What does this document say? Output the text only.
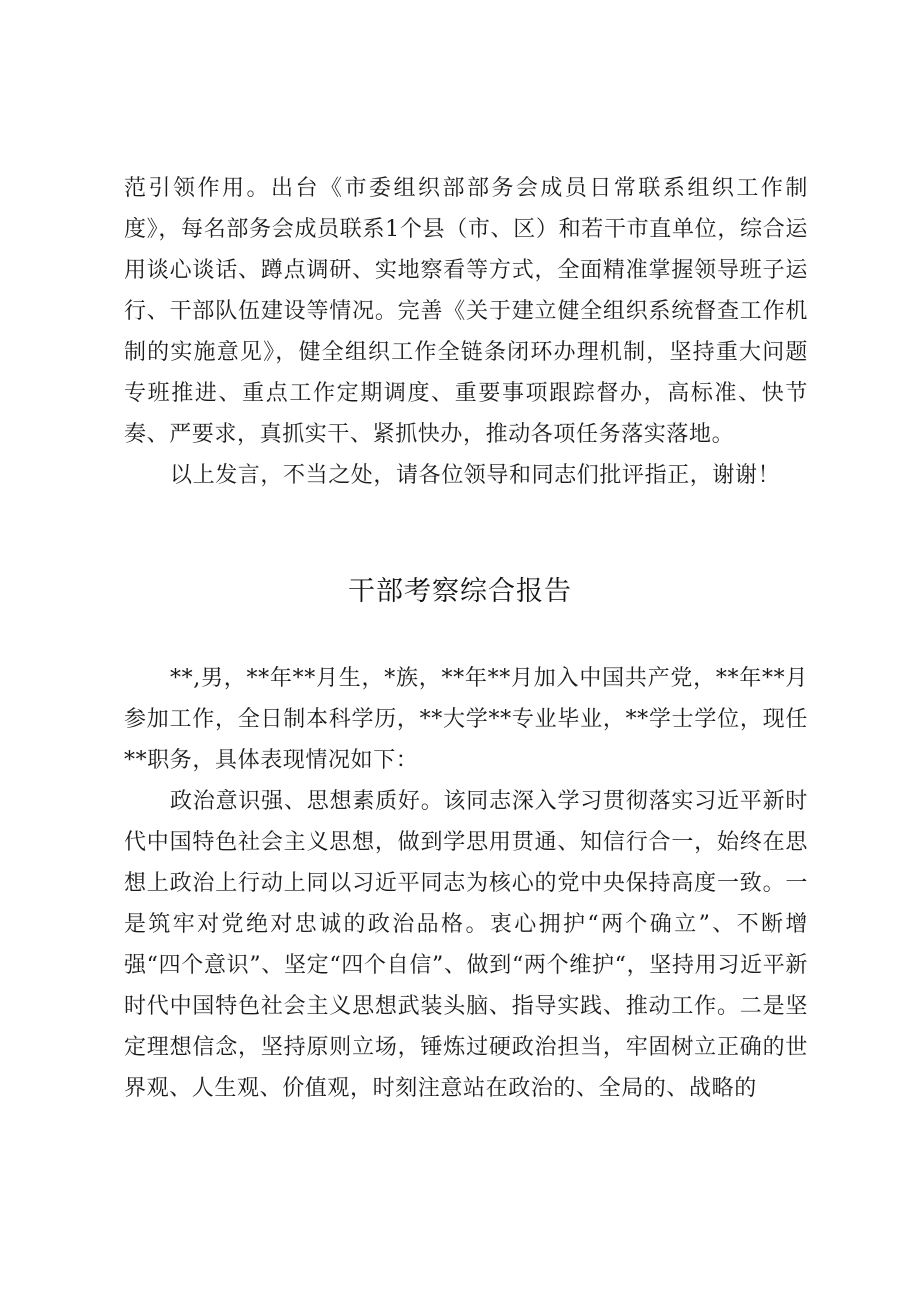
范引领作用。出台《市委组织部部务会成员日常联系组织工作制度》，每名部务会成员联系1个县（市、区）和若干市直单位，综合运用谈心谈话、蹲点调研、实地察看等方式，全面精准掌握领导班子运行、干部队伍建设等情况。完善《关于建立健全组织系统督查工作机制的实施意见》，健全组织工作全链条闭环办理机制，坚持重大问题专班推进、重点工作定期调度、重要事项跟踪督办，高标准、快节奏、严要求，真抓实干、紧抓快办，推动各项任务落实落地。

以上发言，不当之处，请各位领导和同志们批评指正，谢谢！

干部考察综合报告

**,男，**年**月生，*族，**年**月加入中国共产党，**年**月参加工作，全日制本科学历，**大学**专业毕业，**学士学位，现任**职务，具体表现情况如下：

政治意识强、思想素质好。该同志深入学习贯彻落实习近平新时代中国特色社会主义思想，做到学思用贯通、知信行合一，始终在思想上政治上行动上同以习近平同志为核心的党中央保持高度一致。一是筑牢对党绝对忠诚的政治品格。衷心拥护“两个确立”、不断增强“四个意识”、坚定“四个自信”、做到“两个维护“，坚持用习近平新时代中国特色社会主义思想武装头脑、指导实践、推动工作。二是坚定理想信念，坚持原则立场，锤炼过硬政治担当，牢固树立正确的世界观、人生观、价值观，时刻注意站在政治的、全局的、战略的
